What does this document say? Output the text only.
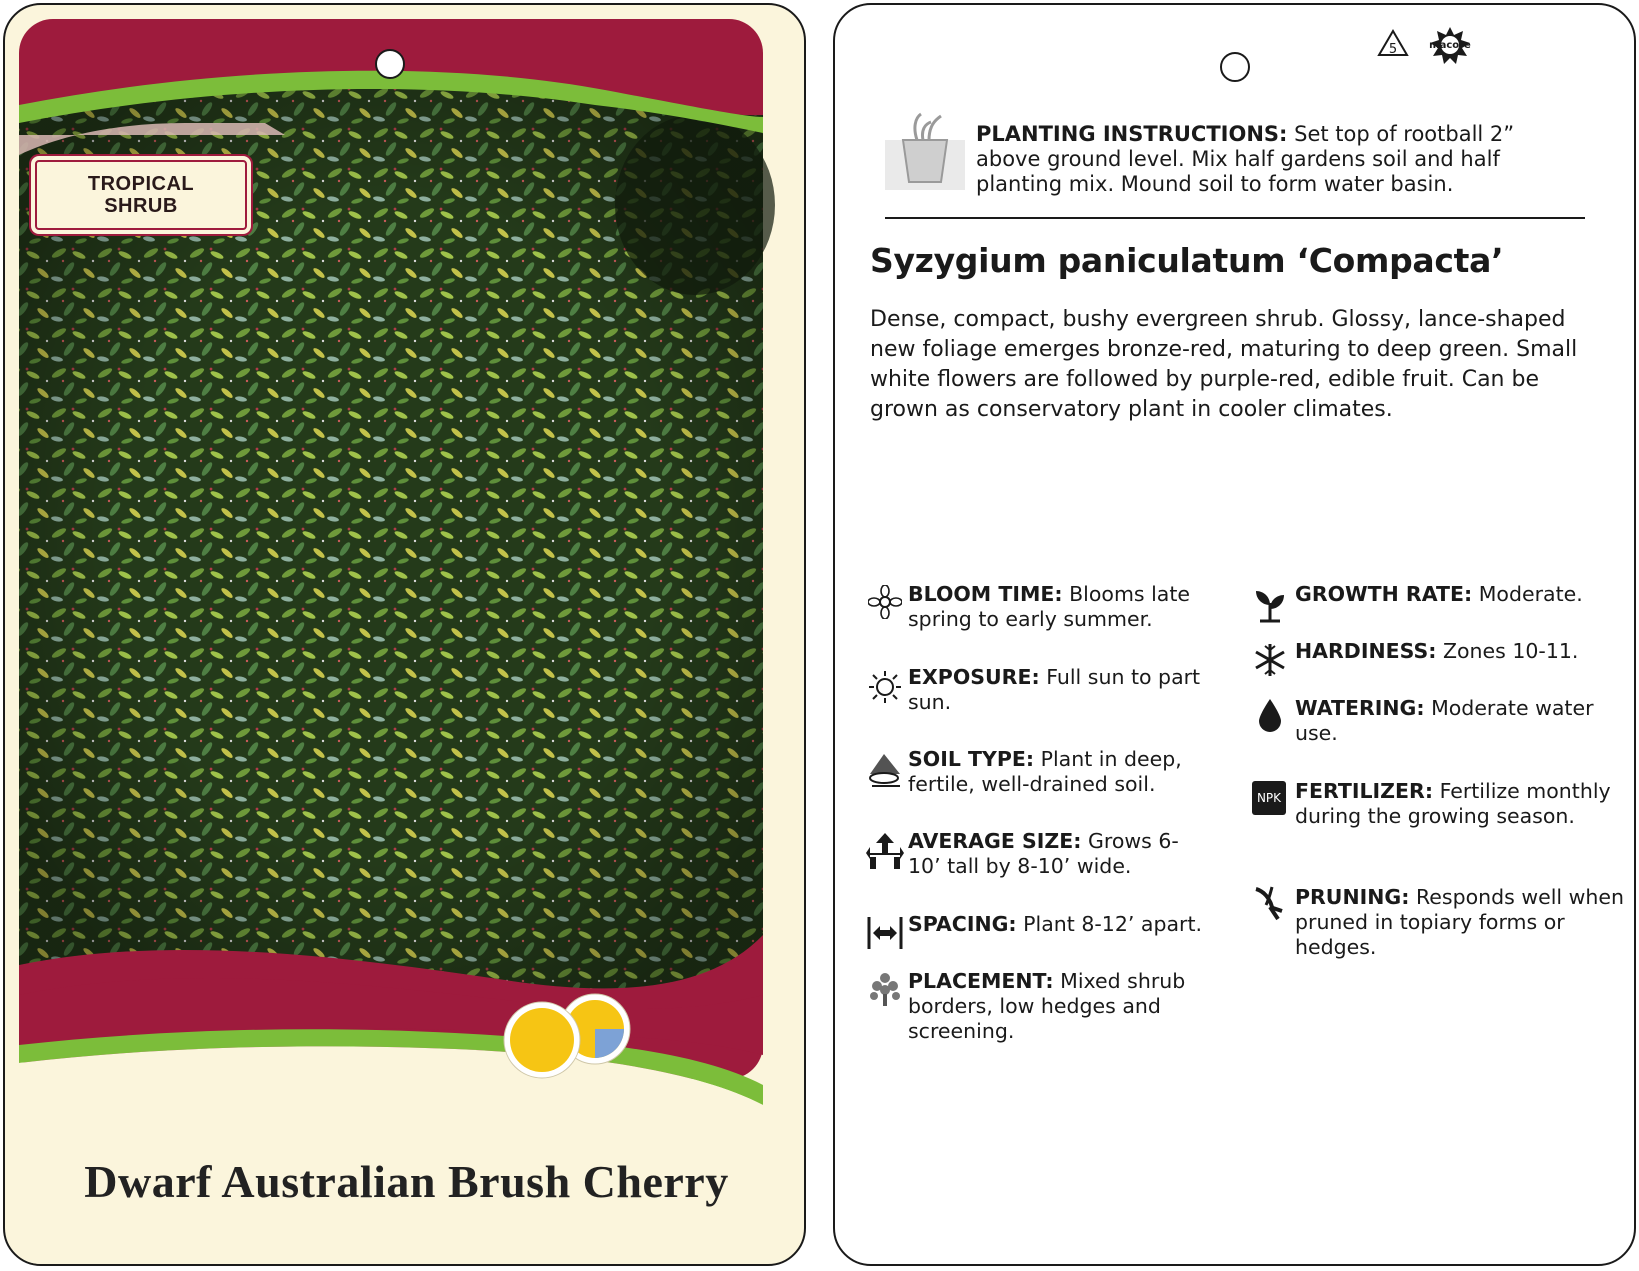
TROPICAL
SHRUB
Dwarf Australian Brush Cherry
5	macore
PLANTING INSTRUCTIONS: Set top of rootball 2” above ground level. Mix half gardens soil and half planting mix. Mound soil to form water basin.
Syzygium paniculatum ‘Compacta’
Dense, compact, bushy evergreen shrub. Glossy, lance-shaped new foliage emerges bronze-red, maturing to deep green. Small white flowers are followed by purple-red, edible fruit. Can be grown as conservatory plant in cooler climates.
BLOOM TIME: Blooms late spring to early summer.
EXPOSURE: Full sun to part sun.
SOIL TYPE: Plant in deep, fertile, well-drained soil.
AVERAGE SIZE: Grows 6-10’ tall by 8-10’ wide.
SPACING: Plant 8-12’ apart.
PLACEMENT: Mixed shrub borders, low hedges and screening.
GROWTH RATE: Moderate.
HARDINESS: Zones 10-11.
WATERING: Moderate water use.
NPK FERTILIZER: Fertilize monthly during the growing season.
PRUNING: Responds well when pruned in topiary forms or hedges.
